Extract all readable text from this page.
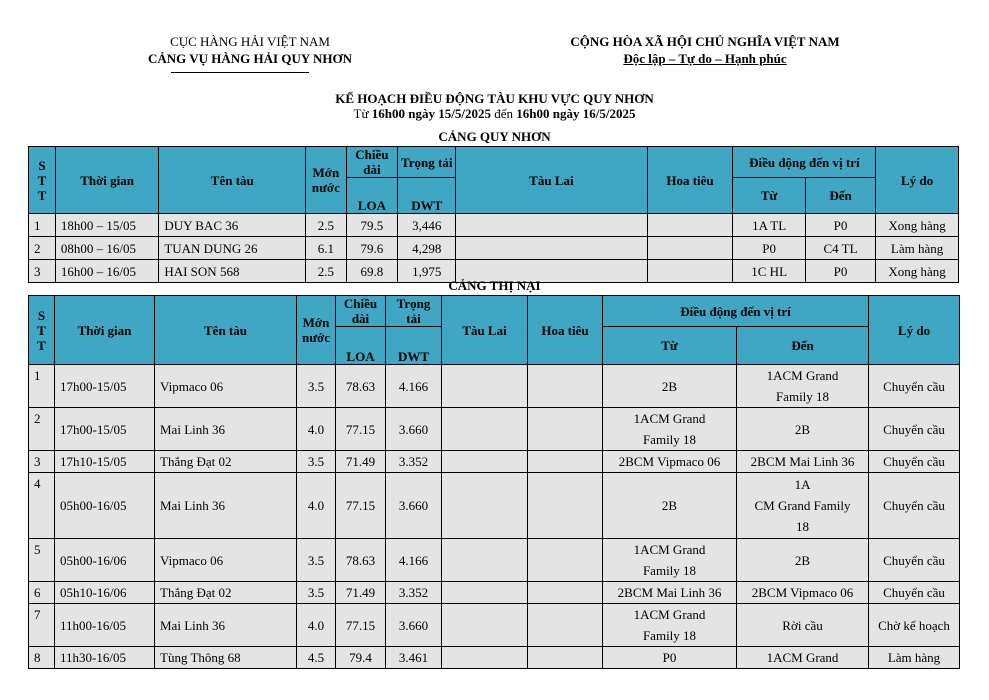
CỤC HÀNG HẢI VIỆT NAM
CẢNG VỤ HÀNG HẢI QUY NHƠN
CỘNG HÒA XÃ HỘI CHỦ NGHĨA VIỆT NAM
Độc lập – Tự do – Hạnh phúc
KẾ HOẠCH ĐIỀU ĐỘNG TÀU KHU VỰC QUY NHƠN
Từ 16h00 ngày 15/5/2025 đến 16h00 ngày 16/5/2025
CẢNG QUY NHƠN
S
T
T	Thời gian	Tên tàu	Mớn
nước	Chiều
dài	Trọng tải	Tàu Lai	Hoa tiêu	Điều động đến vị trí		Lý do
				LOA	DWT			Từ	Đến	
1	18h00 – 15/05	DUY BAC 36	2.5	79.5	3,446			1A TL	P0	Xong hàng
2	08h00 – 16/05	TUAN DUNG 26	6.1	79.6	4,298			P0	C4 TL	Làm hàng
3	16h00 – 16/05	HAI SON 568	2.5	69.8	1,975			1C HL	P0	Xong hàng
CẢNG THỊ NẠI
S
T
T	Thời gian	Tên tàu	Mớn
nước	Chiều
dài	Trọng tải	Tàu Lai	Hoa tiêu	Điều động đến vị trí		Lý do
				LOA	DWT			Từ	Đến	
1	17h00-15/05	Vipmaco 06	3.5	78.63	4.166			2B	1ACM Grand
Family 18	Chuyển cầu
2	17h00-15/05	Mai Linh 36	4.0	77.15	3.660			1ACM Grand
Family 18	2B	Chuyển cầu
3	17h10-15/05	Thắng Đạt 02	3.5	71.49	3.352			2BCM Vipmaco 06	2BCM Mai Linh 36	Chuyển cầu
4	05h00-16/05	Mai Linh 36	4.0	77.15	3.660			2B	1A
CM Grand Family
18	Chuyển cầu
5	05h00-16/06	Vipmaco 06	3.5	78.63	4.166			1ACM Grand
Family 18	2B	Chuyển cầu
6	05h10-16/06	Thắng Đạt 02	3.5	71.49	3.352			2BCM Mai Linh 36	2BCM Vipmaco 06	Chuyển cầu
7	11h00-16/05	Mai Linh 36	4.0	77.15	3.660			1ACM Grand
Family 18	Rời cầu	Chờ kế hoạch
8	11h30-16/05	Tùng Thông 68	4.5	79.4	3.461			P0	1ACM Grand	Làm hàng
